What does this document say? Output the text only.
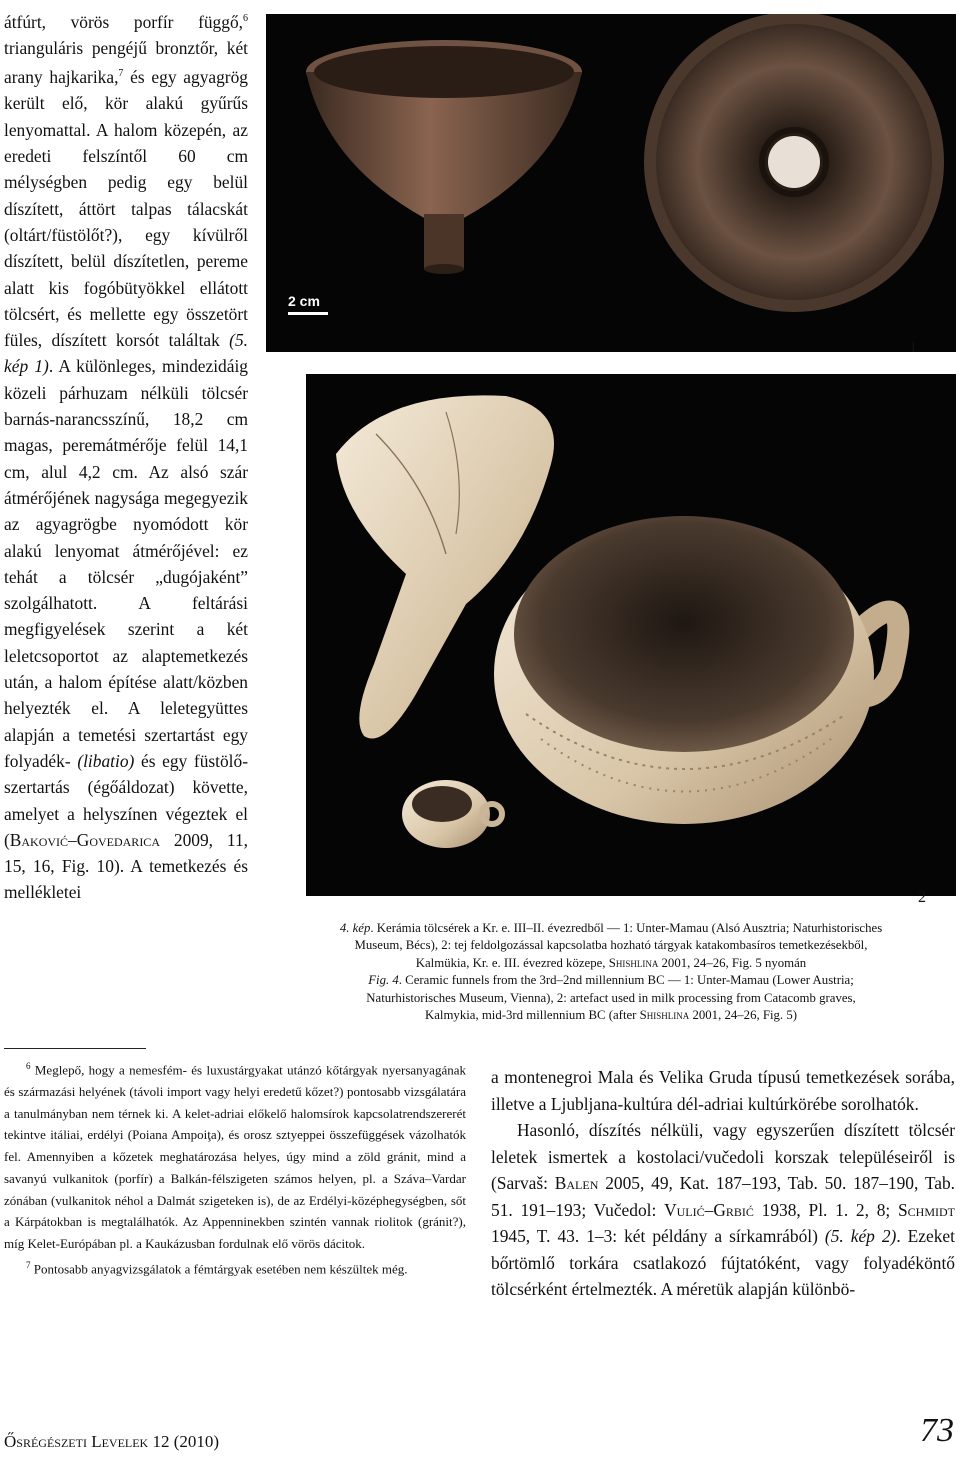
átfúrt, vörös porfír függő,$^6$ trianguláris pengéjű bronztőr, két arany hajkarika,$^7$ és egy agyagrög került elő, kör alakú gyűrűs lenyomattal. A halom közepén, az eredeti felszíntől 60 cm mélységben pedig egy belül díszített, áttört talpas tálacskát (oltárt/füstölőt?), egy kívülről díszített, belül díszítetlen, pereme alatt kis fogóbütyökkel ellátott tölcsért, és mellette egy összetört füles, díszített korsót találtak (5. kép 1). A különleges, mindezidáig közeli párhuzam nélküli tölcsér barnás-narancsszínű, 18,2 cm magas, peremátmérője felül 14,1 cm, alul 4,2 cm. Az alsó szár átmérőjének nagysága megegyezik az agyagrögbe nyomódott kör alakú lenyomat átmérőjével: ez tehát a tölcsér „dugójaként” szolgálhatott. A feltárási megfigyelések szerint a két leletcsoportot az alaptemetkezés után, a halom építése alatt/közben helyezték el. A leletegyüttes alapján a temetési szertartást egy folyadék- (libatio) és egy füstölő-szertartás (égőáldozat) követte, amelyet a helyszínen végeztek el (Baković–Govedarica 2009, 11, 15, 16, Fig. 10). A temetkezés és mellékletei

2 cm
1
2
4. kép. Kerámia tölcsérek a Kr. e. III–II. évezredből — 1: Unter-Mamau (Alsó Ausztria; Naturhistorisches
Museum, Bécs), 2: tej feldolgozással kapcsolatba hozható tárgyak katakombasíros temetkezésekből,
Kalmükia, Kr. e. III. évezred közepe, Shishlina 2001, 24–26, Fig. 5 nyomán
Fig. 4. Ceramic funnels from the 3rd–2nd millennium BC — 1: Unter-Mamau (Lower Austria;
Naturhistorisches Museum, Vienna), 2: artefact used in milk processing from Catacomb graves,
Kalmykia, mid-3rd millennium BC (after Shishlina 2001, 24–26, Fig. 5)

$^6$ Meglepő, hogy a nemesfém- és luxustárgyakat utánzó kőtárgyak nyersanyagának és származási helyének (távoli import vagy helyi eredetű kőzet?) pontosabb vizsgálatára a tanulmányban nem térnek ki. A kelet-adriai előkelő halomsírok kapcsolatrendszererét tekintve itáliai, erdélyi (Poiana Ampoiţa), és orosz sztyeppei összefüggések vázolhatók fel. Amennyiben a kőzetek meghatározása helyes, úgy mind a zöld gránit, mind a savanyú vulkanitok (porfír) a Balkán-félszigeten számos helyen, pl. a Száva–Vardar zónában (vulkanitok néhol a Dalmát szigeteken is), de az Erdélyi-középhegységben, sőt a Kárpátokban is megtalálhatók. Az Appenninekben szintén vannak riolitok (gránit?), míg Kelet-Európában pl. a Kaukázusban fordulnak elő vörös dácitok.

$^7$ Pontosabb anyagvizsgálatok a fémtárgyak esetében nem készültek még.

a montenegroi Mala és Velika Gruda típusú temetkezések sorába, illetve a Ljubljana-kultúra dél-adriai kultúrkörébe sorolhatók.

Hasonló, díszítés nélküli, vagy egyszerűen díszített tölcsér leletek ismertek a kostolaci/vučedoli korszak településeiről is (Sarvaš: Balen 2005, 49, Kat. 187–193, Tab. 50. 187–190, Tab. 51. 191–193; Vučedol: Vulić–Grbić 1938, Pl. 1. 2, 8; Schmidt 1945, T. 43. 1–3: két példány a sírkamrából) (5. kép 2). Ezeket bőrtömlő torkára csatlakozó fújtatóként, vagy folyadéköntő tölcsérként értelmezték. A méretük alapján különbö-

Ősrégészeti Levelek 12 (2010)	73
